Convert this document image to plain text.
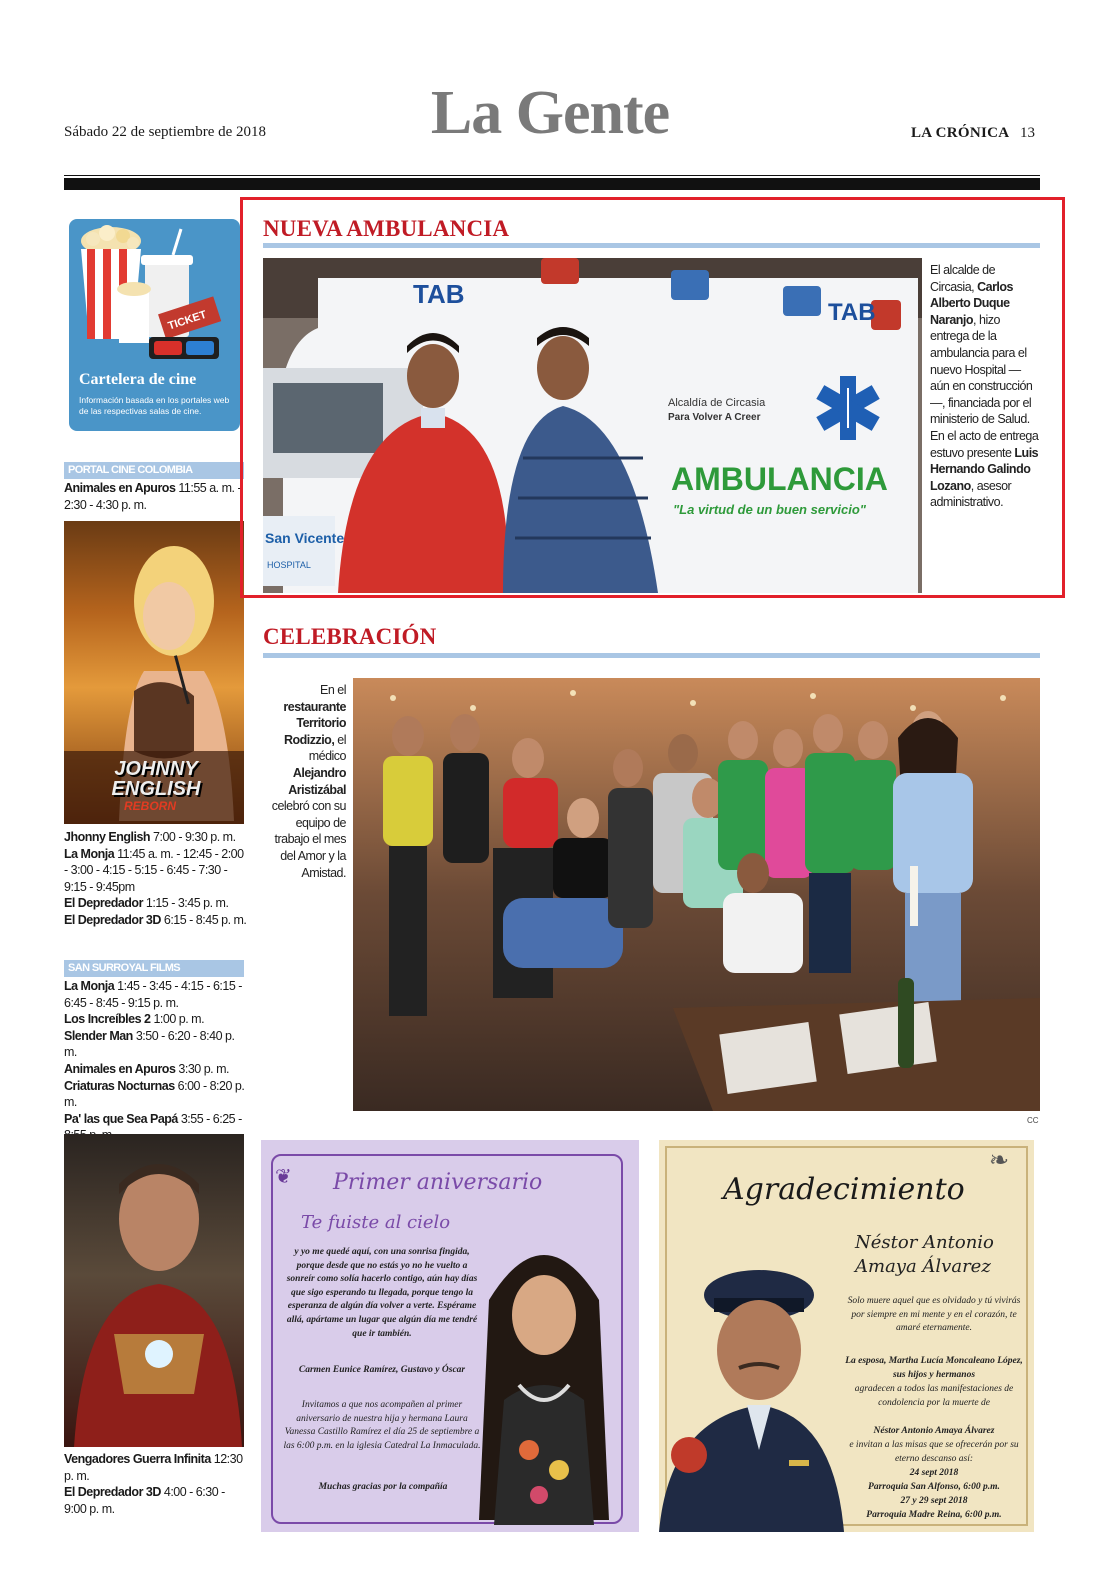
Sábado 22 de septiembre de 2018	La Gente	LA CRÓNICA 13
TICKET
Cartelera de cine
Información basada en los portales web de las respectivas salas de cine.
PORTAL CINE COLOMBIA
Animales en Apuros 11:55 a. m. - 2:30 - 4:30 p. m.
JOHNNY ENGLISH
REBORN
Jhonny English 7:00 - 9:30 p. m.
La Monja 11:45 a. m. - 12:45 - 2:00 - 3:00 - 4:15 - 5:15 - 6:45 - 7:30 - 9:15 - 9:45pm
El Depredador 1:15 - 3:45 p. m.
El Depredador 3D 6:15 - 8:45 p. m.
SAN SURROYAL FILMS
La Monja 1:45 - 3:45 - 4:15 - 6:15 - 6:45 - 8:45 - 9:15 p. m.
Los Increíbles 2 1:00 p. m.
Slender Man 3:50 - 6:20 - 8:40 p. m.
Animales en Apuros 3:30 p. m.
Criaturas Nocturnas 6:00 - 8:20 p. m.
Pa' las que Sea Papá 3:55 - 6:25 -
Vengadores Guerra Infinita 12:30 p. m.
El Depredador 3D 4:00 - 6:30 - 9:00 p. m.
NUEVA AMBULANCIA
TAB
TAB
Alcaldía de Circasia
Para Volver A Creer
AMBULANCIA
"La virtud de un buen servicio"
San Vicente
HOSPITAL
El alcalde de Circasia, Carlos Alberto Duque Naranjo, hizo entrega de la ambulancia para el nuevo Hospital —aún en construcción—, financiada por el ministerio de Salud. En el acto de entrega estuvo presente Luis Hernando Galindo Lozano, asesor administrativo.
CELEBRACIÓN
En el restaurante Territorio Rodizzio, el médico Alejandro Aristizábal celebró con su equipo de trabajo el mes del Amor y la Amistad.
CC
❦ Primer aniversario
Te fuiste al cielo
y yo me quedé aquí, con una sonrisa fingida, porque desde que no estás yo no he vuelto a sonreír como solía hacerlo contigo, aún hay días que sigo esperando tu llegada, porque tengo la esperanza de algún día volver a verte. Espérame allá, apártame un lugar que algún día me tendré que ir también.
Carmen Eunice Ramírez, Gustavo y Óscar
Invitamos a que nos acompañen al primer aniversario de nuestra hija y hermana Laura Vanessa Castillo Ramírez el día 25 de septiembre a las 6:00 p.m. en la iglesia Catedral La Inmaculada.
Muchas gracias por la compañía
❧
Agradecimiento
Néstor Antonio
Amaya Álvarez
Solo muere aquel que es olvidado y tú vivirás por siempre en mi mente y en el corazón, te amaré eternamente.
La esposa, Martha Lucía Moncaleano López, sus hijos y hermanos
agradecen a todos las manifestaciones de condolencia por la muerte de
Néstor Antonio Amaya Álvarez
e invitan a las misas que se ofrecerán por su eterno descanso así:
24 sept 2018
Parroquia San Alfonso, 6:00 p.m.
27 y 29 sept 2018
Parroquia Madre Reina, 6:00 p.m.
